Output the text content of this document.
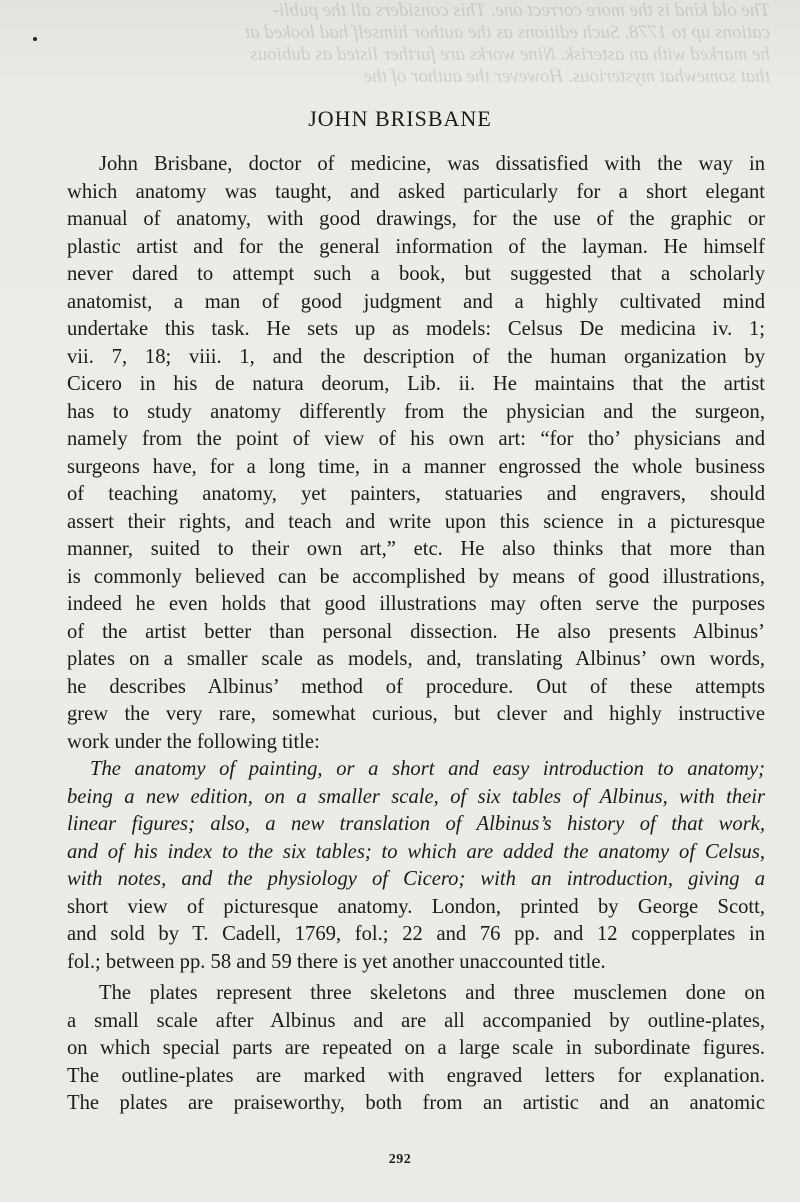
The old kind is the more correct one. This considers all the publi-
cations up to 1778. Such editions as the author himself had looked at
he marked with an asterisk. Nine works are further listed as dubious
that somewhat mysterious. However the author of the
JOHN BRISBANE

John Brisbane, doctor of medicine, was dissatisfied with the way in

which anatomy was taught, and asked particularly for a short elegant

manual of anatomy, with good drawings, for the use of the graphic or

plastic artist and for the general information of the layman. He himself

never dared to attempt such a book, but suggested that a scholarly

anatomist, a man of good judgment and a highly cultivated mind

undertake this task. He sets up as models: Celsus De medicina iv. 1;

vii. 7, 18; viii. 1, and the description of the human organization by

Cicero in his de natura deorum, Lib. ii. He maintains that the artist

has to study anatomy differently from the physician and the surgeon,

namely from the point of view of his own art: “for tho’ physicians and

surgeons have, for a long time, in a manner engrossed the whole business

of teaching anatomy, yet painters, statuaries and engravers, should

assert their rights, and teach and write upon this science in a picturesque

manner, suited to their own art,” etc. He also thinks that more than

is commonly believed can be accomplished by means of good illustrations,

indeed he even holds that good illustrations may often serve the purposes

of the artist better than personal dissection. He also presents Albinus’

plates on a smaller scale as models, and, translating Albinus’ own words,

he describes Albinus’ method of procedure. Out of these attempts

grew the very rare, somewhat curious, but clever and highly instructive

work under the following title:

The anatomy of painting, or a short and easy introduction to anatomy;

being a new edition, on a smaller scale, of six tables of Albinus, with their

linear figures; also, a new translation of Albinus’s history of that work,

and of his index to the six tables; to which are added the anatomy of Celsus,

with notes, and the physiology of Cicero; with an introduction, giving a

short view of picturesque anatomy. London, printed by George Scott,

and sold by T. Cadell, 1769, fol.; 22 and 76 pp. and 12 copperplates in

fol.; between pp. 58 and 59 there is yet another unaccounted title.

The plates represent three skeletons and three musclemen done on

a small scale after Albinus and are all accompanied by outline-plates,

on which special parts are repeated on a large scale in subordinate figures.

The outline-plates are marked with engraved letters for explanation.

The plates are praiseworthy, both from an artistic and an anatomic

292
